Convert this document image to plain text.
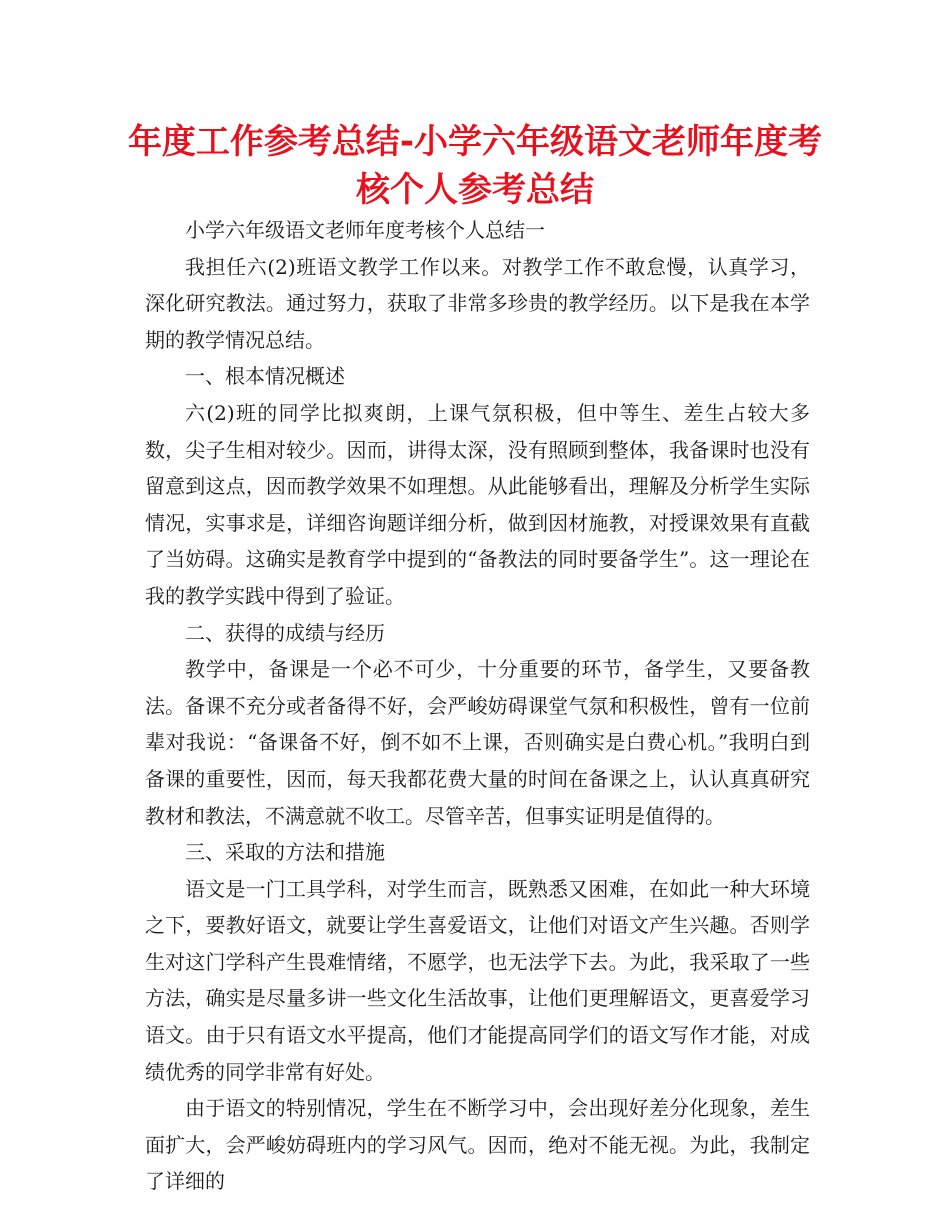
年度工作参考总结-小学六年级语文老师年度考核个人参考总结

小学六年级语文老师年度考核个人总结一

我担任六(2)班语文教学工作以来。对教学工作不敢怠慢，认真学习，深化研究教法。通过努力，获取了非常多珍贵的教学经历。以下是我在本学期的教学情况总结。

一、根本情况概述

六(2)班的同学比拟爽朗，上课气氛积极，但中等生、差生占较大多数，尖子生相对较少。因而，讲得太深，没有照顾到整体，我备课时也没有留意到这点，因而教学效果不如理想。从此能够看出，理解及分析学生实际情况，实事求是，详细咨询题详细分析，做到因材施教，对授课效果有直截了当妨碍。这确实是教育学中提到的“备教法的同时要备学生”。这一理论在我的教学实践中得到了验证。

二、获得的成绩与经历

教学中，备课是一个必不可少，十分重要的环节，备学生，又要备教法。备课不充分或者备得不好，会严峻妨碍课堂气氛和积极性，曾有一位前辈对我说：“备课备不好，倒不如不上课，否则确实是白费心机。”我明白到备课的重要性，因而，每天我都花费大量的时间在备课之上，认认真真研究教材和教法，不满意就不收工。尽管辛苦，但事实证明是值得的。

三、采取的方法和措施

语文是一门工具学科，对学生而言，既熟悉又困难，在如此一种大环境之下，要教好语文，就要让学生喜爱语文，让他们对语文产生兴趣。否则学生对这门学科产生畏难情绪，不愿学，也无法学下去。为此，我采取了一些方法，确实是尽量多讲一些文化生活故事，让他们更理解语文，更喜爱学习语文。由于只有语文水平提高，他们才能提高同学们的语文写作才能，对成绩优秀的同学非常有好处。

由于语文的特别情况，学生在不断学习中，会出现好差分化现象，差生面扩大，会严峻妨碍班内的学习风气。因而，绝对不能无视。为此，我制定了详细的
